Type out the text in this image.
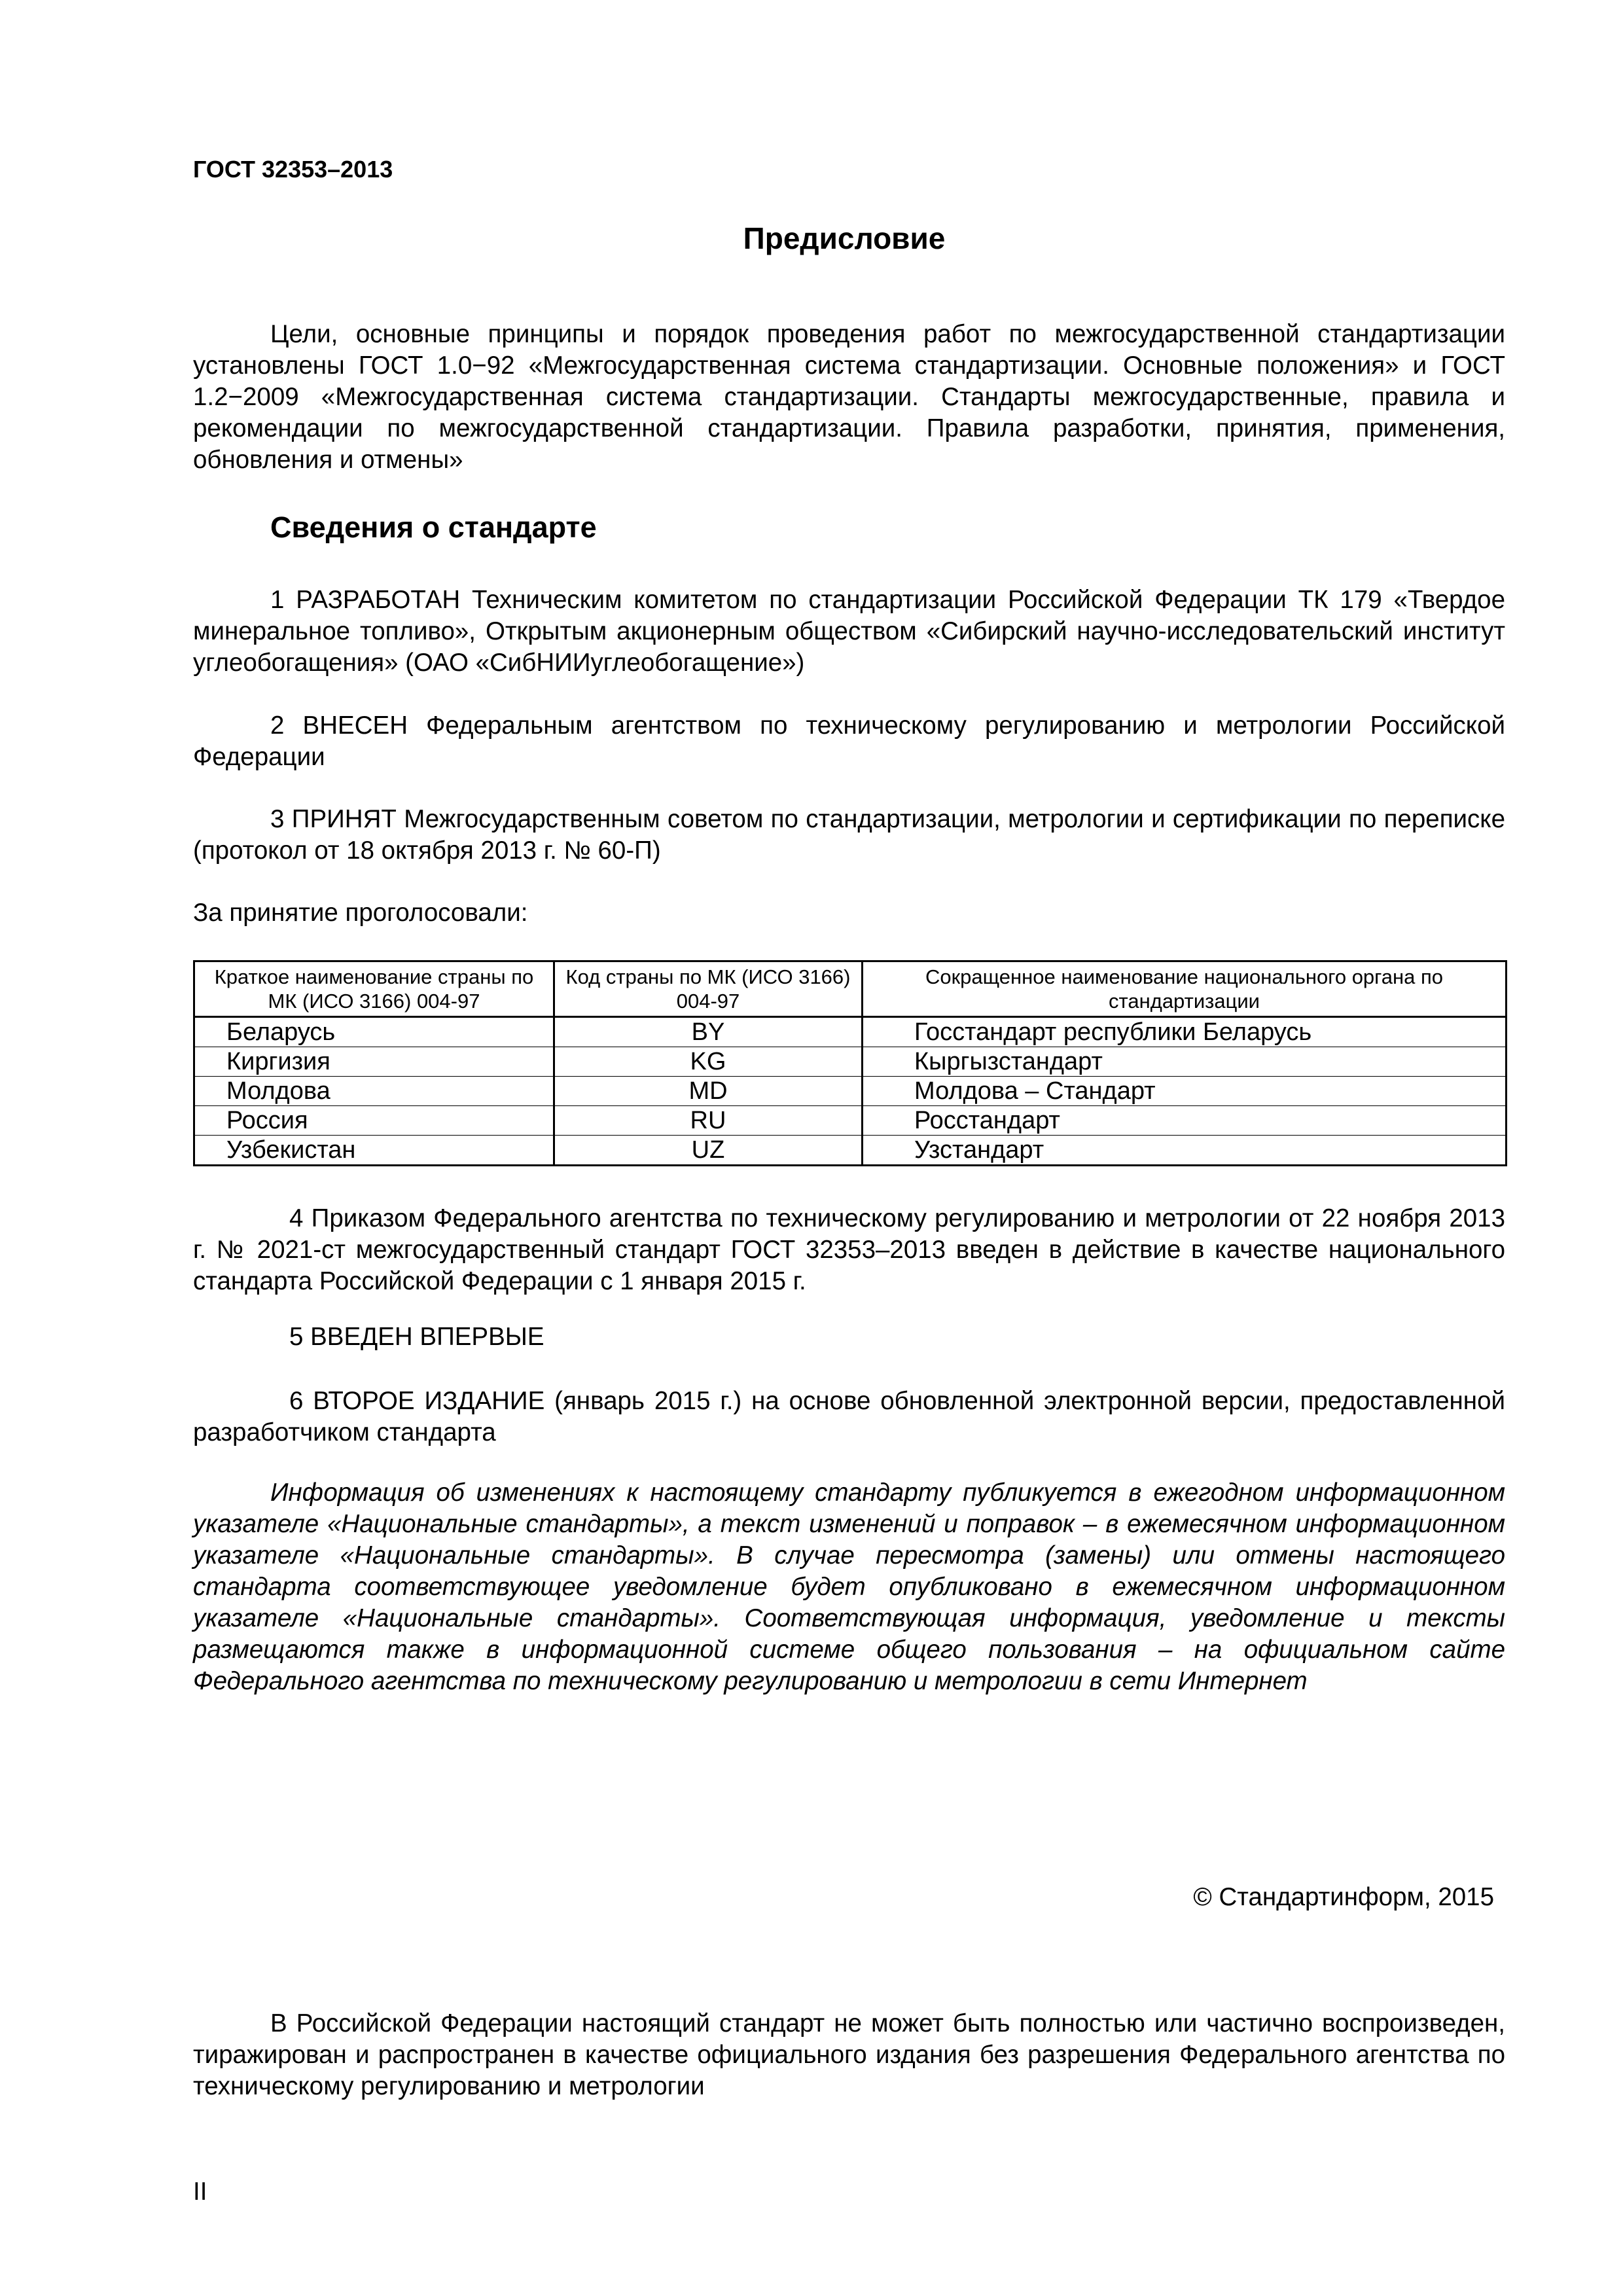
ГОСТ 32353–2013
Предисловие
Цели, основные принципы и порядок проведения работ по межгосударственной стандартизации установлены ГОСТ 1.0−92 «Межгосударственная система стандартизации. Основные положения» и ГОСТ 1.2−2009 «Межгосударственная система стандартизации. Стандарты межгосударственные, правила и рекомендации по межгосударственной стандартизации. Правила разработки, принятия, применения, обновления и отмены»
Сведения о стандарте
1 РАЗРАБОТАН Техническим комитетом по стандартизации Российской Федерации ТК 179 «Твердое минеральное топливо», Открытым акционерным обществом «Сибирский научно-исследовательский институт углеобогащения» (ОАО «СибНИИуглеобогащение»)
2 ВНЕСЕН Федеральным агентством по техническому регулированию и метрологии Российской Федерации
3 ПРИНЯТ Межгосударственным советом по стандартизации, метрологии и сертификации по переписке (протокол от 18 октября 2013 г. № 60-П)
За принятие проголосовали:
Краткое наименование страны по МК (ИСО 3166) 004-97	Код страны по МК (ИСО 3166) 004-97	Сокращенное наименование национального органа по стандартизации
Беларусь	BY	Госстандарт республики Беларусь
Киргизия	KG	Кыргызстандарт
Молдова	MD	Молдова – Стандарт
Россия	RU	Росстандарт
Узбекистан	UZ	Узстандарт
4 Приказом Федерального агентства по техническому регулированию и метрологии от 22 ноября 2013 г. № 2021-ст межгосударственный стандарт ГОСТ 32353–2013 введен в действие в качестве национального стандарта Российской Федерации с 1 января 2015 г.
5 ВВЕДЕН ВПЕРВЫЕ
6 ВТОРОЕ ИЗДАНИЕ (январь 2015 г.) на основе обновленной электронной версии, предоставленной разработчиком стандарта
Информация об изменениях к настоящему стандарту публикуется в ежегодном информационном указателе «Национальные стандарты», а текст изменений и поправок – в ежемесячном информационном указателе «Национальные стандарты». В случае пересмотра (замены) или отмены настоящего стандарта соответствующее уведомление будет опубликовано в ежемесячном информационном указателе «Национальные стандарты». Соответствующая информация, уведомление и тексты размещаются также в информационной системе общего пользования – на официальном сайте Федерального агентства по техническому регулированию и метрологии в сети Интернет
© Стандартинформ, 2015
В Российской Федерации настоящий стандарт не может быть полностью или частично воспроизведен, тиражирован и распространен в качестве официального издания без разрешения Федерального агентства по техническому регулированию и метрологии
II
